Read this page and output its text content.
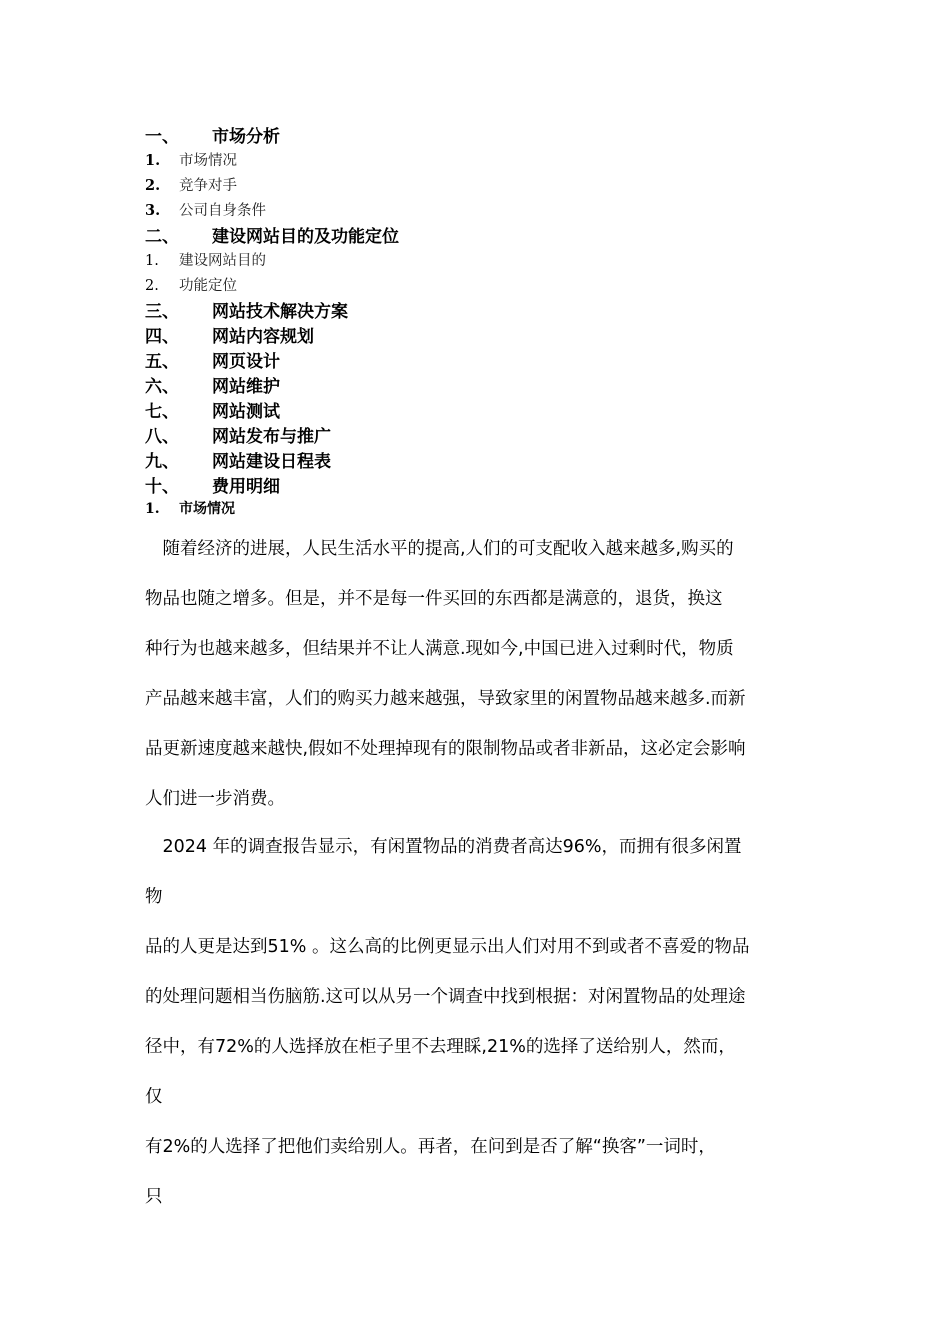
一、 市场分析
1. 市场情况
2. 竞争对手
3. 公司自身条件
二、 建设网站目的及功能定位
1. 建设网站目的
2. 功能定位
三、 网站技术解决方案
四、 网站内容规划
五、 网页设计
六、 网站维护
七、 网站测试
八、 网站发布与推广
九、 网站建设日程表
十、 费用明细
1. 市场情况
　随着经济的进展，人民生活水平的提高,人们的可支配收入越来越多,购买的
物品也随之增多。但是，并不是每一件买回的东西都是满意的，退货，换这
种行为也越来越多，但结果并不让人满意.现如今,中国已进入过剩时代，物质
产品越来越丰富，人们的购买力越来越强，导致家里的闲置物品越来越多.而新
品更新速度越来越快,假如不处理掉现有的限制物品或者非新品，这必定会影响
人们进一步消费。
　2024 年的调查报告显示，有闲置物品的消费者高达96%，而拥有很多闲置
物
品的人更是达到51% 。这么高的比例更显示出人们对用不到或者不喜爱的物品
的处理问题相当伤脑筋.这可以从另一个调查中找到根据：对闲置物品的处理途
径中，有72%的人选择放在柜子里不去理睬,21%的选择了送给别人，然而，
仅
有2%的人选择了把他们卖给别人。再者，在问到是否了解“换客”一词时，
只
